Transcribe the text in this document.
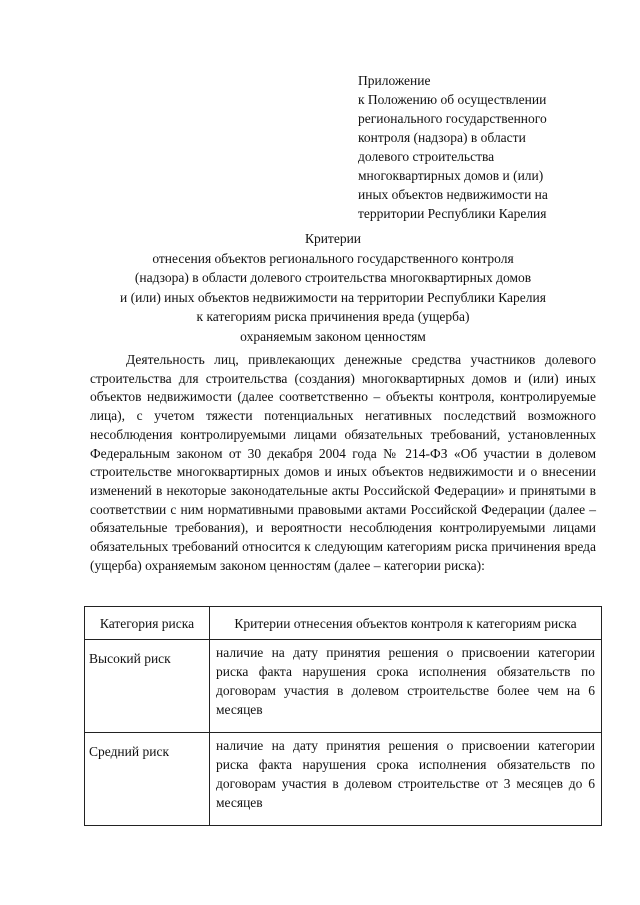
Приложение
к Положению об осуществлении
регионального государственного
контроля (надзора) в области
долевого строительства
многоквартирных домов и (или)
иных объектов недвижимости на
территории Республики Карелия
Критерии
отнесения объектов регионального государственного контроля
(надзора) в области долевого строительства многоквартирных домов
и (или) иных объектов недвижимости на территории Республики Карелия
к категориям риска причинения вреда (ущерба)
охраняемым законом ценностям

Деятельность лиц, привлекающих денежные средства участников долевого строительства для строительства (создания) многоквартирных домов и (или) иных объектов недвижимости (далее соответственно – объекты контроля, контролируемые лица), с учетом тяжести потенциальных негативных последствий возможного несоблюдения контролируемыми лицами обязательных требований, установленных Федеральным законом от 30 декабря 2004 года № 214-ФЗ «Об участии в долевом строительстве многоквартирных домов и иных объектов недвижимости и о внесении изменений в некоторые законодательные акты Российской Федерации» и принятыми в соответствии с ним нормативными правовыми актами Российской Федерации (далее – обязательные требования), и вероятности несоблюдения контролируемыми лицами обязательных требований относится к следующим категориям риска причинения вреда (ущерба) охраняемым законом ценностям (далее – категории риска):

Категория риска	Критерии отнесения объектов контроля к категориям риска
Высокий риск	наличие на дату принятия решения о присвоении категории риска факта нарушения срока исполнения обязательств по договорам участия в долевом строительстве более чем на 6 месяцев
Средний риск	наличие на дату принятия решения о присвоении категории риска факта нарушения срока исполнения обязательств по договорам участия в долевом строительстве от 3 месяцев до 6 месяцев
